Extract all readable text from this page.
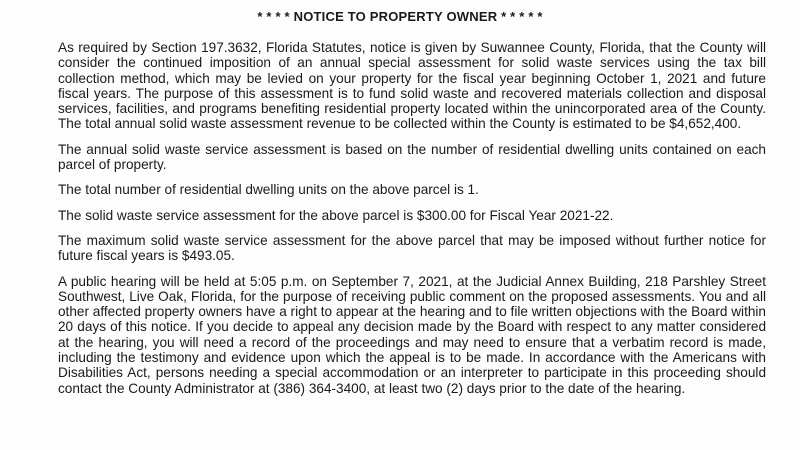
* * * * NOTICE TO PROPERTY OWNER * * * * *

As required by Section 197.3632, Florida Statutes, notice is given by Suwannee County, Florida, that the County will consider the continued imposition of an annual special assessment for solid waste services using the tax bill collection method, which may be levied on your property for the fiscal year beginning October 1, 2021 and future fiscal years. The purpose of this assessment is to fund solid waste and recovered materials collection and disposal services, facilities, and programs benefiting residential property located within the unincorporated area of the County. The total annual solid waste assessment revenue to be collected within the County is estimated to be $4,652,400.

The annual solid waste service assessment is based on the number of residential dwelling units contained on each parcel of property.

The total number of residential dwelling units on the above parcel is 1.

The solid waste service assessment for the above parcel is $300.00 for Fiscal Year 2021-22.

The maximum solid waste service assessment for the above parcel that may be imposed without further notice for future fiscal years is $493.05.

A public hearing will be held at 5:05 p.m. on September 7, 2021, at the Judicial Annex Building, 218 Parshley Street Southwest, Live Oak, Florida, for the purpose of receiving public comment on the proposed assessments. You and all other affected property owners have a right to appear at the hearing and to file written objections with the Board within 20 days of this notice. If you decide to appeal any decision made by the Board with respect to any matter considered at the hearing, you will need a record of the proceedings and may need to ensure that a verbatim record is made, including the testimony and evidence upon which the appeal is to be made. In accordance with the Americans with Disabilities Act, persons needing a special accommodation or an interpreter to participate in this proceeding should contact the County Administrator at (386) 364-3400, at least two (2) days prior to the date of the hearing.
